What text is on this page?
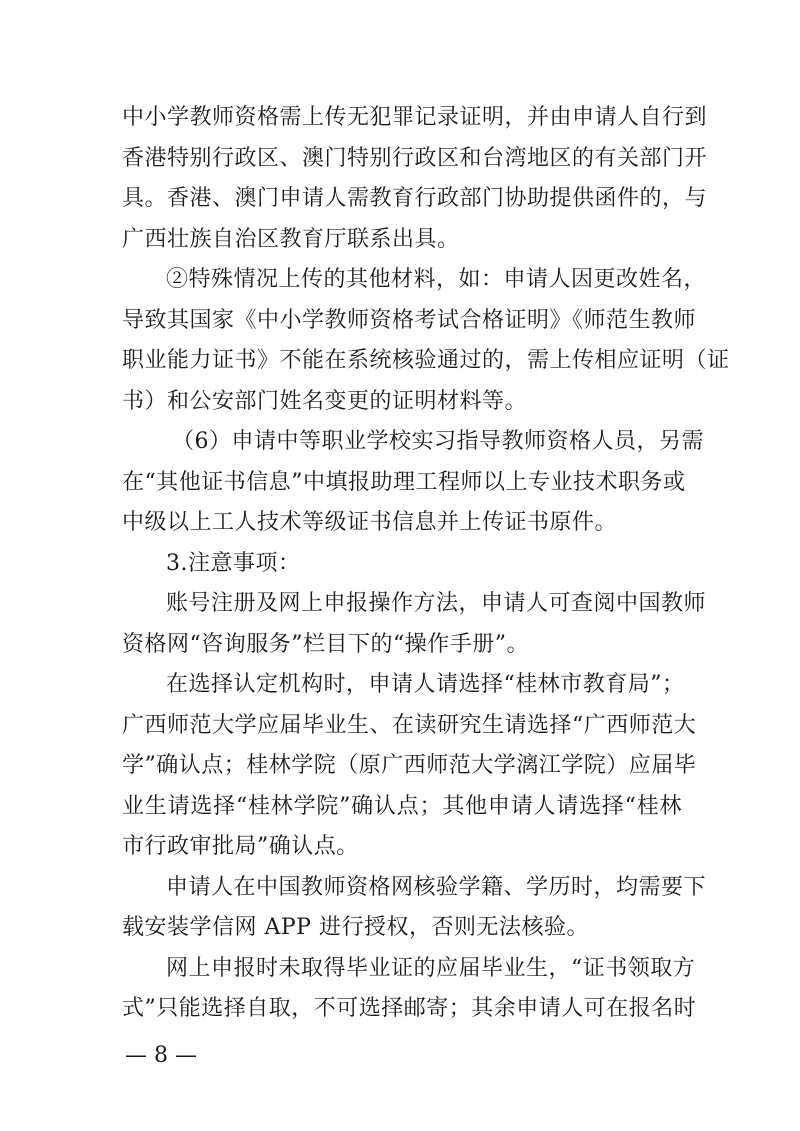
中小学教师资格需上传无犯罪记录证明，并由申请人自行到
香港特别行政区、澳门特别行政区和台湾地区的有关部门开
具。香港、澳门申请人需教育行政部门协助提供函件的，与
广西壮族自治区教育厅联系出具。
②特殊情况上传的其他材料，如：申请人因更改姓名，
导致其国家《中小学教师资格考试合格证明》《师范生教师
职业能力证书》不能在系统核验通过的，需上传相应证明（证
书）和公安部门姓名变更的证明材料等。
（6）申请中等职业学校实习指导教师资格人员，另需
在“其他证书信息”中填报助理工程师以上专业技术职务或
中级以上工人技术等级证书信息并上传证书原件。
3.注意事项：
账号注册及网上申报操作方法，申请人可查阅中国教师
资格网“咨询服务”栏目下的“操作手册”。
在选择认定机构时，申请人请选择“桂林市教育局”；
广西师范大学应届毕业生、在读研究生请选择“广西师范大
学”确认点；桂林学院（原广西师范大学漓江学院）应届毕
业生请选择“桂林学院”确认点；其他申请人请选择“桂林
市行政审批局”确认点。
申请人在中国教师资格网核验学籍、学历时，均需要下
载安装学信网 APP 进行授权，否则无法核验。
网上申报时未取得毕业证的应届毕业生，“证书领取方
式”只能选择自取，不可选择邮寄；其余申请人可在报名时
— 8 —
